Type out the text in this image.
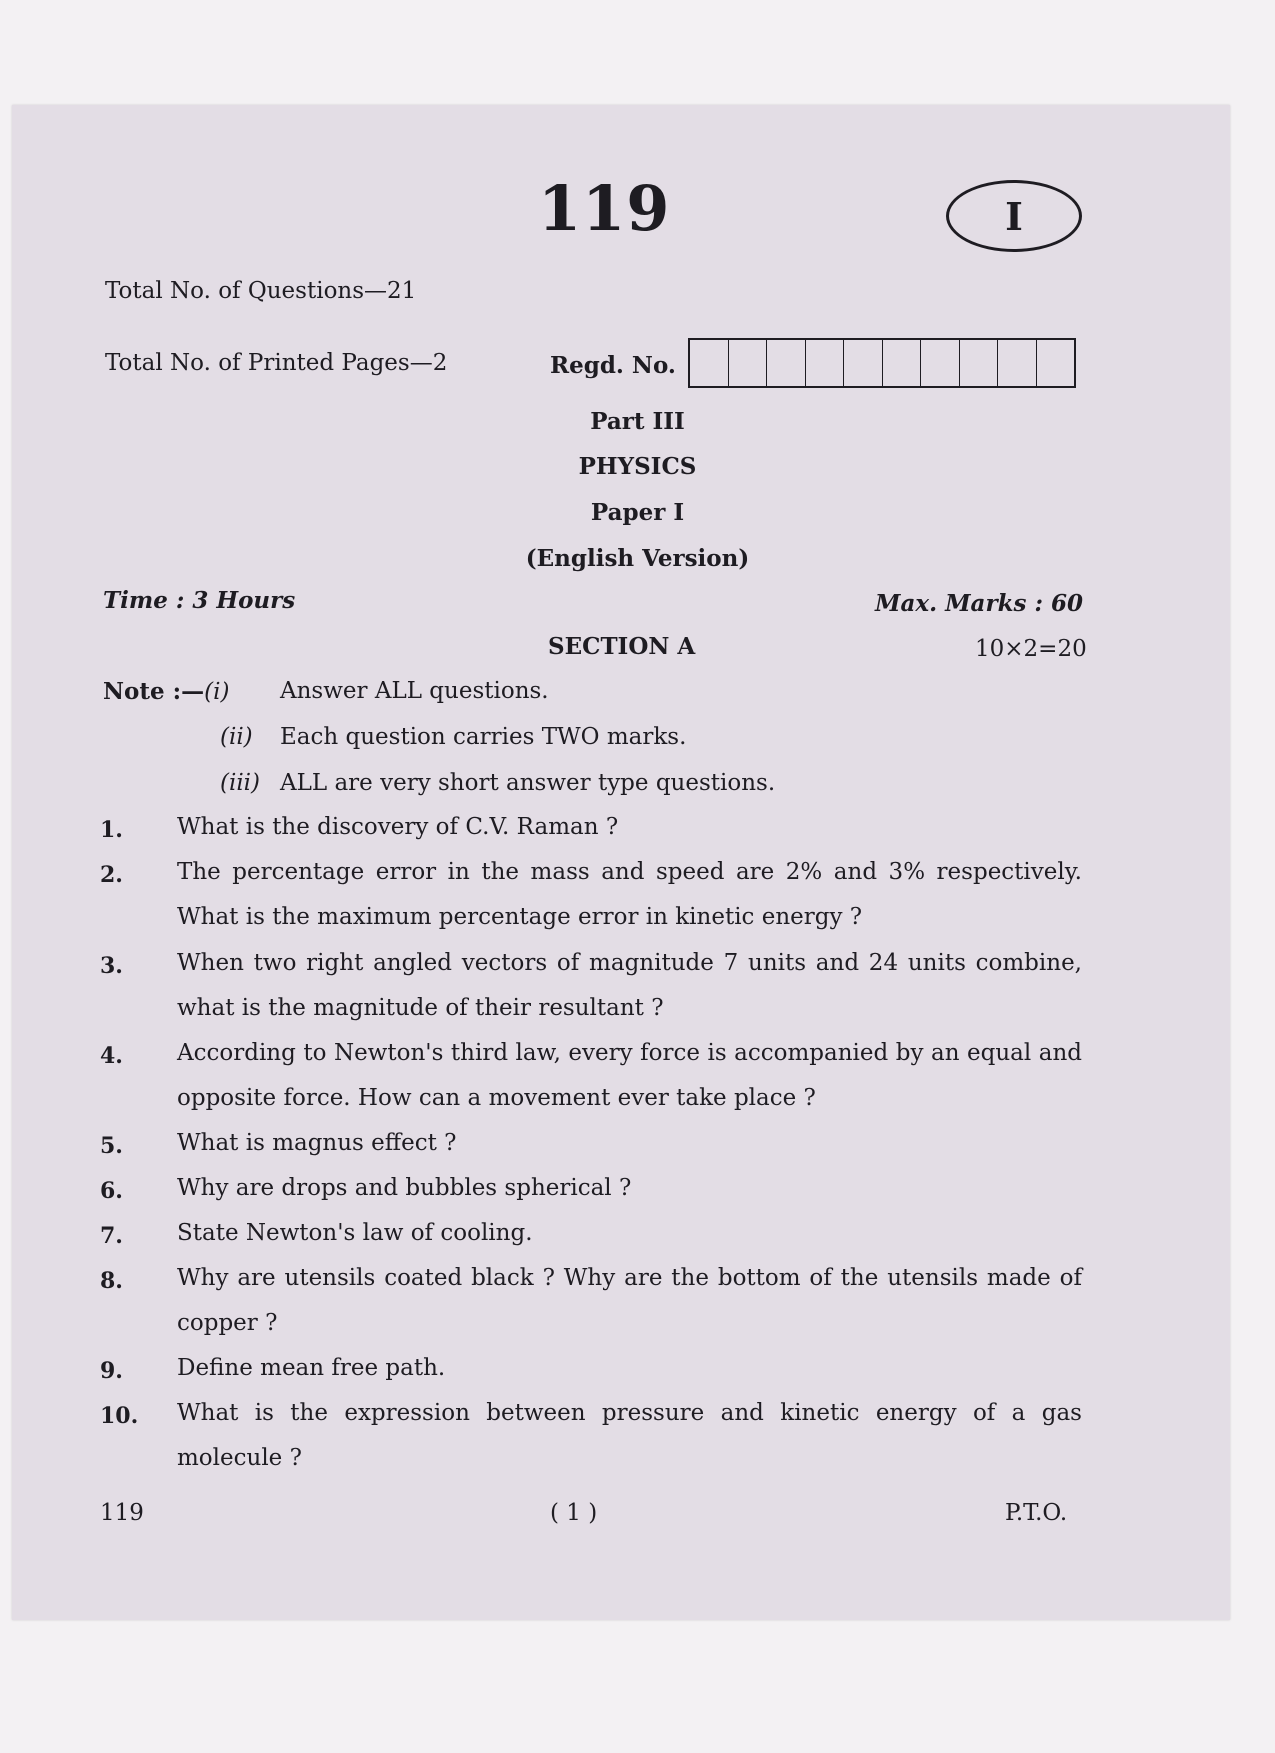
119	I
Total No. of Questions—21
Total No. of Printed Pages—2	Regd. No.
Part III
PHYSICS
Paper I
(English Version)
Time : 3 Hours	Max. Marks : 60
SECTION A	10×2=20
Note :—(i) Answer ALL questions.
(ii) Each question carries TWO marks.
(iii) ALL are very short answer type questions.
1. What is the discovery of C.V. Raman ?
2. The percentage error in the mass and speed are 2% and 3% respectively. What is the maximum percentage error in kinetic energy ?
3. When two right angled vectors of magnitude 7 units and 24 units combine, what is the magnitude of their resultant ?
4. According to Newton's third law, every force is accompanied by an equal and opposite force. How can a movement ever take place ?
5. What is magnus effect ?
6. Why are drops and bubbles spherical ?
7. State Newton's law of cooling.
8. Why are utensils coated black ? Why are the bottom of the utensils made of copper ?
9. Define mean free path.
10. What is the expression between pressure and kinetic energy of a gas molecule ?
119	( 1 )	P.T.O.
